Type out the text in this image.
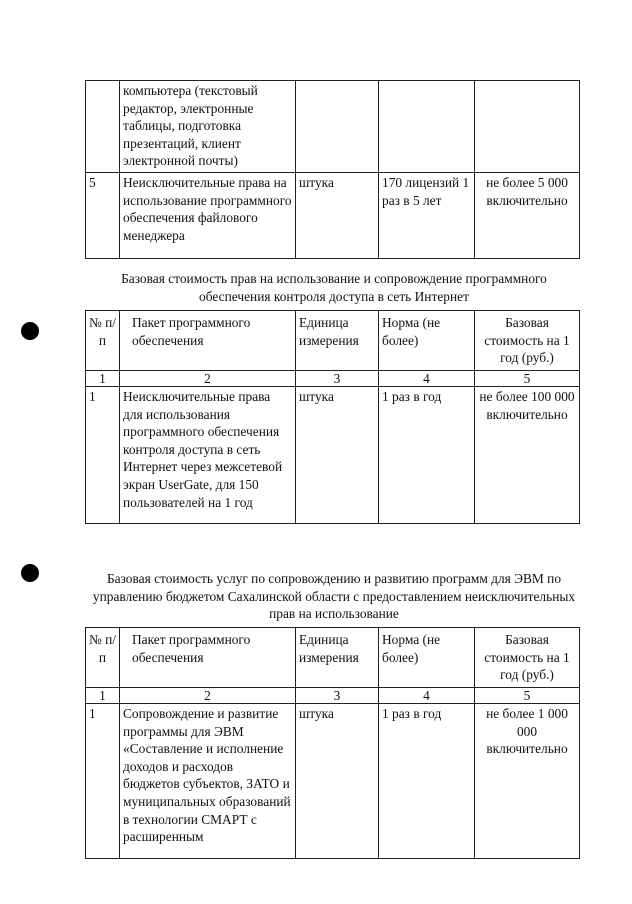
	компьютера (текстовый редактор, электронные таблицы, подготовка презентаций, клиент электронной почты)			
5	Неисключительные права на использование программного обеспечения файлового менеджера	штука	170 лицензий 1 раз в 5 лет	не более 5 000 включительно
Базовая стоимость прав на использование и сопровождение программного обеспечения контроля доступа в сеть Интернет
№ п/п	Пакет программного обеспечения	Единица измерения	Норма (не более)	Базовая стоимость на 1 год (руб.)
1	2	3	4	5
1	Неисключительные права для использования программного обеспечения контроля доступа в сеть Интернет через межсетевой экран UserGate, для 150 пользователей на 1 год	штука	1 раз в год	не более 100 000 включительно
Базовая стоимость услуг по сопровождению и развитию программ для ЭВМ по управлению бюджетом Сахалинской области с предоставлением неисключительных прав на использование
№ п/п	Пакет программного обеспечения	Единица измерения	Норма (не более)	Базовая стоимость на 1 год (руб.)
1	2	3	4	5
1	Сопровождение и развитие программы для ЭВМ «Составление и исполнение доходов и расходов бюджетов субъектов, ЗАТО и муниципальных образований в технологии СМАРТ с расширенным	штука	1 раз в год	не более 1 000 000 включительно
